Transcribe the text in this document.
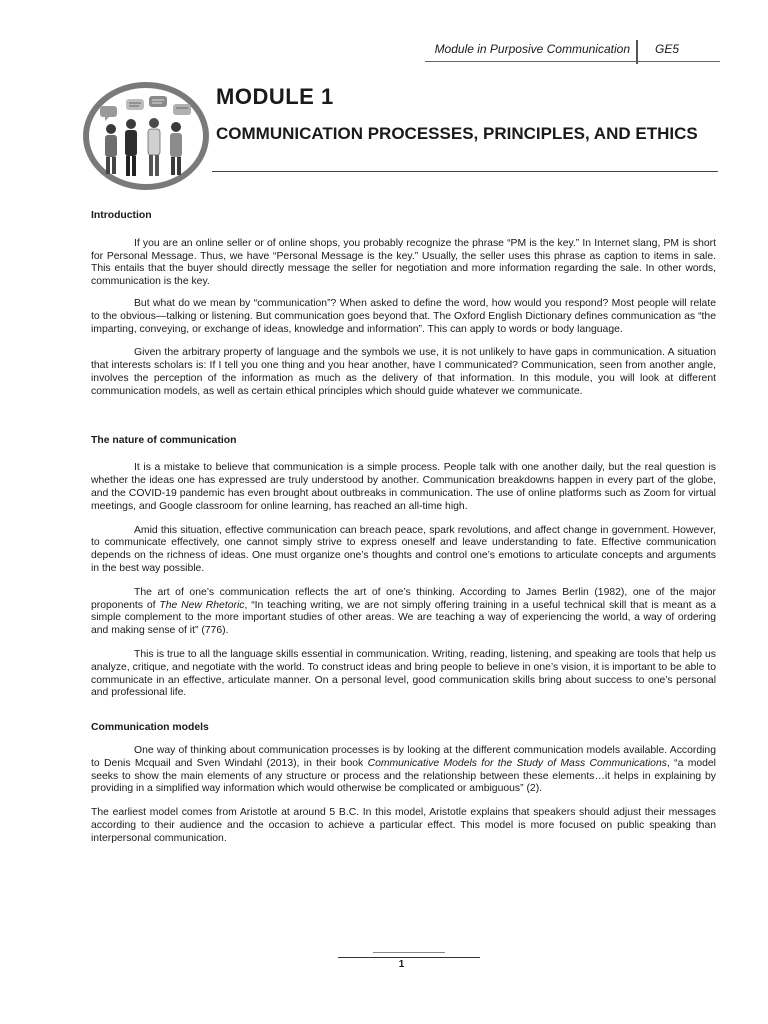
Module in Purposive Communication GE5
MODULE 1
COMMUNICATION PROCESSES, PRINCIPLES, AND ETHICS
Introduction

If you are an online seller or of online shops, you probably recognize the phrase “PM is the key.” In Internet slang, PM is short for Personal Message. Thus, we have “Personal Message is the key.” Usually, the seller uses this phrase as caption to items in sale. This entails that the buyer should directly message the seller for negotiation and more information regarding the sale. In other words, communication is the key.

But what do we mean by “communication”? When asked to define the word, how would you respond? Most people will relate to the obvious—talking or listening. But communication goes beyond that. The Oxford English Dictionary defines communication as “the imparting, conveying, or exchange of ideas, knowledge and information”. This can apply to words or body language.

Given the arbitrary property of language and the symbols we use, it is not unlikely to have gaps in communication. A situation that interests scholars is: If I tell you one thing and you hear another, have I communicated? Communication, seen from another angle, involves the perception of the information as much as the delivery of that information. In this module, you will look at different communication models, as well as certain ethical principles which should guide whatever we communicate.

The nature of communication

It is a mistake to believe that communication is a simple process. People talk with one another daily, but the real question is whether the ideas one has expressed are truly understood by another. Communication breakdowns happen in every part of the globe, and the COVID-19 pandemic has even brought about outbreaks in communication. The use of online platforms such as Zoom for virtual meetings, and Google classroom for online learning, has reached an all-time high.

Amid this situation, effective communication can breach peace, spark revolutions, and affect change in government. However, to communicate effectively, one cannot simply strive to express oneself and leave understanding to fate. Effective communication depends on the richness of ideas. One must organize one’s thoughts and control one’s emotions to articulate concepts and arguments in the best way possible.

The art of one’s communication reflects the art of one’s thinking. According to James Berlin (1982), one of the major proponents of The New Rhetoric, “In teaching writing, we are not simply offering training in a useful technical skill that is meant as a simple complement to the more important studies of other areas. We are teaching a way of experiencing the world, a way of ordering and making sense of it” (776).

This is true to all the language skills essential in communication. Writing, reading, listening, and speaking are tools that help us analyze, critique, and negotiate with the world. To construct ideas and bring people to believe in one’s vision, it is important to be able to communicate in an effective, articulate manner. On a personal level, good communication skills bring about success to one’s personal and professional life.

Communication models

One way of thinking about communication processes is by looking at the different communication models available. According to Denis Mcquail and Sven Windahl (2013), in their book Communicative Models for the Study of Mass Communications, “a model seeks to show the main elements of any structure or process and the relationship between these elements…it helps in explaining by providing in a simplified way information which would otherwise be complicated or ambiguous” (2).

The earliest model comes from Aristotle at around 5 B.C. In this model, Aristotle explains that speakers should adjust their messages according to their audience and the occasion to achieve a particular effect. This model is more focused on public speaking than interpersonal communication.

1
